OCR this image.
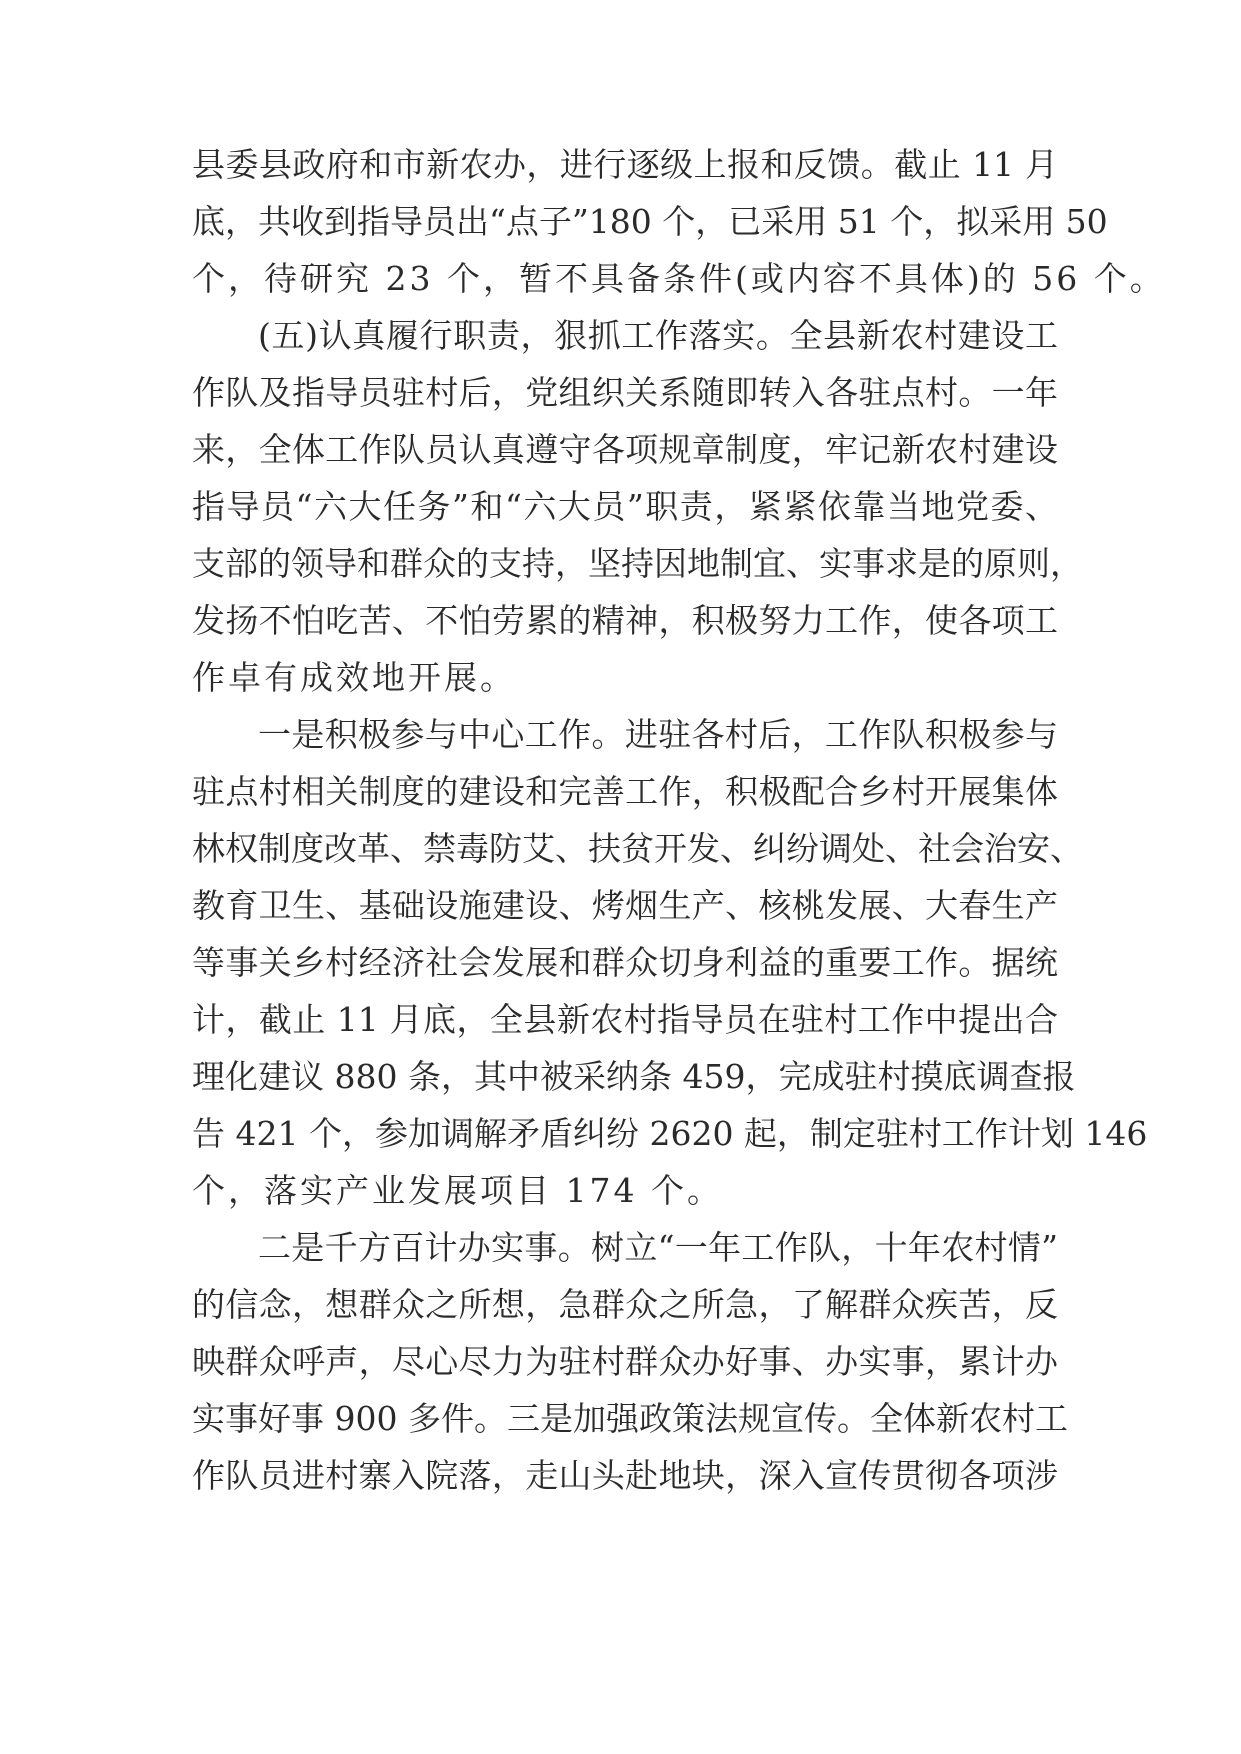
县委县政府和市新农办，进行逐级上报和反馈。截止 11 月
底，共收到指导员出“点子”180 个，已采用 51 个，拟采用 50
个，待研究 23 个，暂不具备条件(或内容不具体)的 56 个。
(五)认真履行职责，狠抓工作落实。全县新农村建设工
作队及指导员驻村后，党组织关系随即转入各驻点村。一年
来，全体工作队员认真遵守各项规章制度，牢记新农村建设
指导员“六大任务”和“六大员”职责，紧紧依靠当地党委、
支部的领导和群众的支持，坚持因地制宜、实事求是的原则，
发扬不怕吃苦、不怕劳累的精神，积极努力工作，使各项工
作卓有成效地开展。
一是积极参与中心工作。进驻各村后，工作队积极参与
驻点村相关制度的建设和完善工作，积极配合乡村开展集体
林权制度改革、禁毒防艾、扶贫开发、纠纷调处、社会治安、
教育卫生、基础设施建设、烤烟生产、核桃发展、大春生产
等事关乡村经济社会发展和群众切身利益的重要工作。据统
计，截止 11 月底，全县新农村指导员在驻村工作中提出合
理化建议 880 条，其中被采纳条 459，完成驻村摸底调查报
告 421 个，参加调解矛盾纠纷 2620 起，制定驻村工作计划 146
个，落实产业发展项目 174 个。
二是千方百计办实事。树立“一年工作队，十年农村情”
的信念，想群众之所想，急群众之所急，了解群众疾苦，反
映群众呼声，尽心尽力为驻村群众办好事、办实事，累计办
实事好事 900 多件。三是加强政策法规宣传。全体新农村工
作队员进村寨入院落，走山头赴地块，深入宣传贯彻各项涉
